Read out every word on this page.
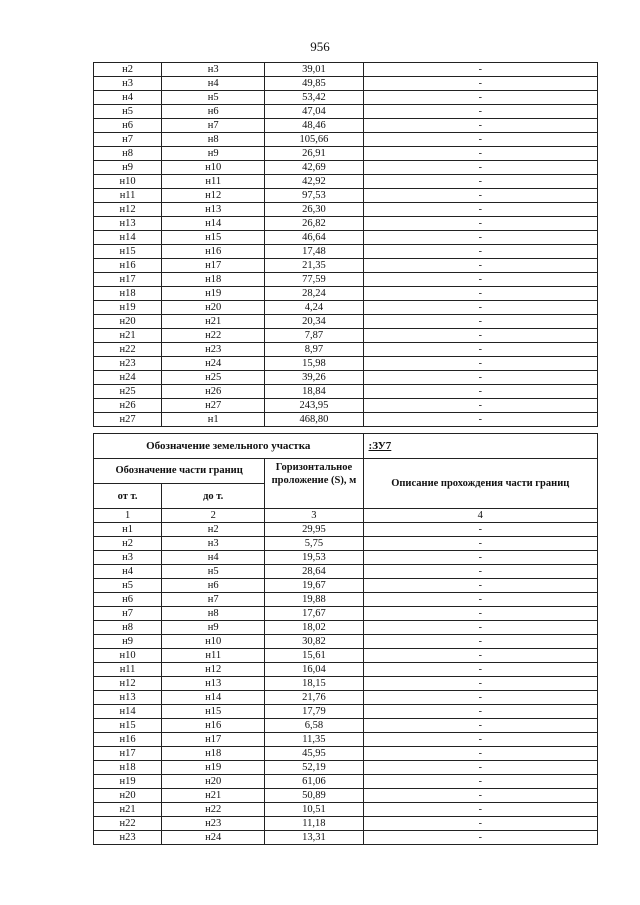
956
н2	н3	39,01	-
н3	н4	49,85	-
н4	н5	53,42	-
н5	н6	47,04	-
н6	н7	48,46	-
н7	н8	105,66	-
н8	н9	26,91	-
н9	н10	42,69	-
н10	н11	42,92	-
н11	н12	97,53	-
н12	н13	26,30	-
н13	н14	26,82	-
н14	н15	46,64	-
н15	н16	17,48	-
н16	н17	21,35	-
н17	н18	77,59	-
н18	н19	28,24	-
н19	н20	4,24	-
н20	н21	20,34	-
н21	н22	7,87	-
н22	н23	8,97	-
н23	н24	15,98	-
н24	н25	39,26	-
н25	н26	18,84	-
н26	н27	243,95	-
н27	н1	468,80	-
Обозначение земельного участка			:ЗУ7
Обозначение части границ		Горизонтальное проложение (S), м	Описание прохождения части границ
от т.	до т.		
1	2	3	4
н1	н2	29,95	-
н2	н3	5,75	-
н3	н4	19,53	-
н4	н5	28,64	-
н5	н6	19,67	-
н6	н7	19,88	-
н7	н8	17,67	-
н8	н9	18,02	-
н9	н10	30,82	-
н10	н11	15,61	-
н11	н12	16,04	-
н12	н13	18,15	-
н13	н14	21,76	-
н14	н15	17,79	-
н15	н16	6,58	-
н16	н17	11,35	-
н17	н18	45,95	-
н18	н19	52,19	-
н19	н20	61,06	-
н20	н21	50,89	-
н21	н22	10,51	-
н22	н23	11,18	-
н23	н24	13,31	-
